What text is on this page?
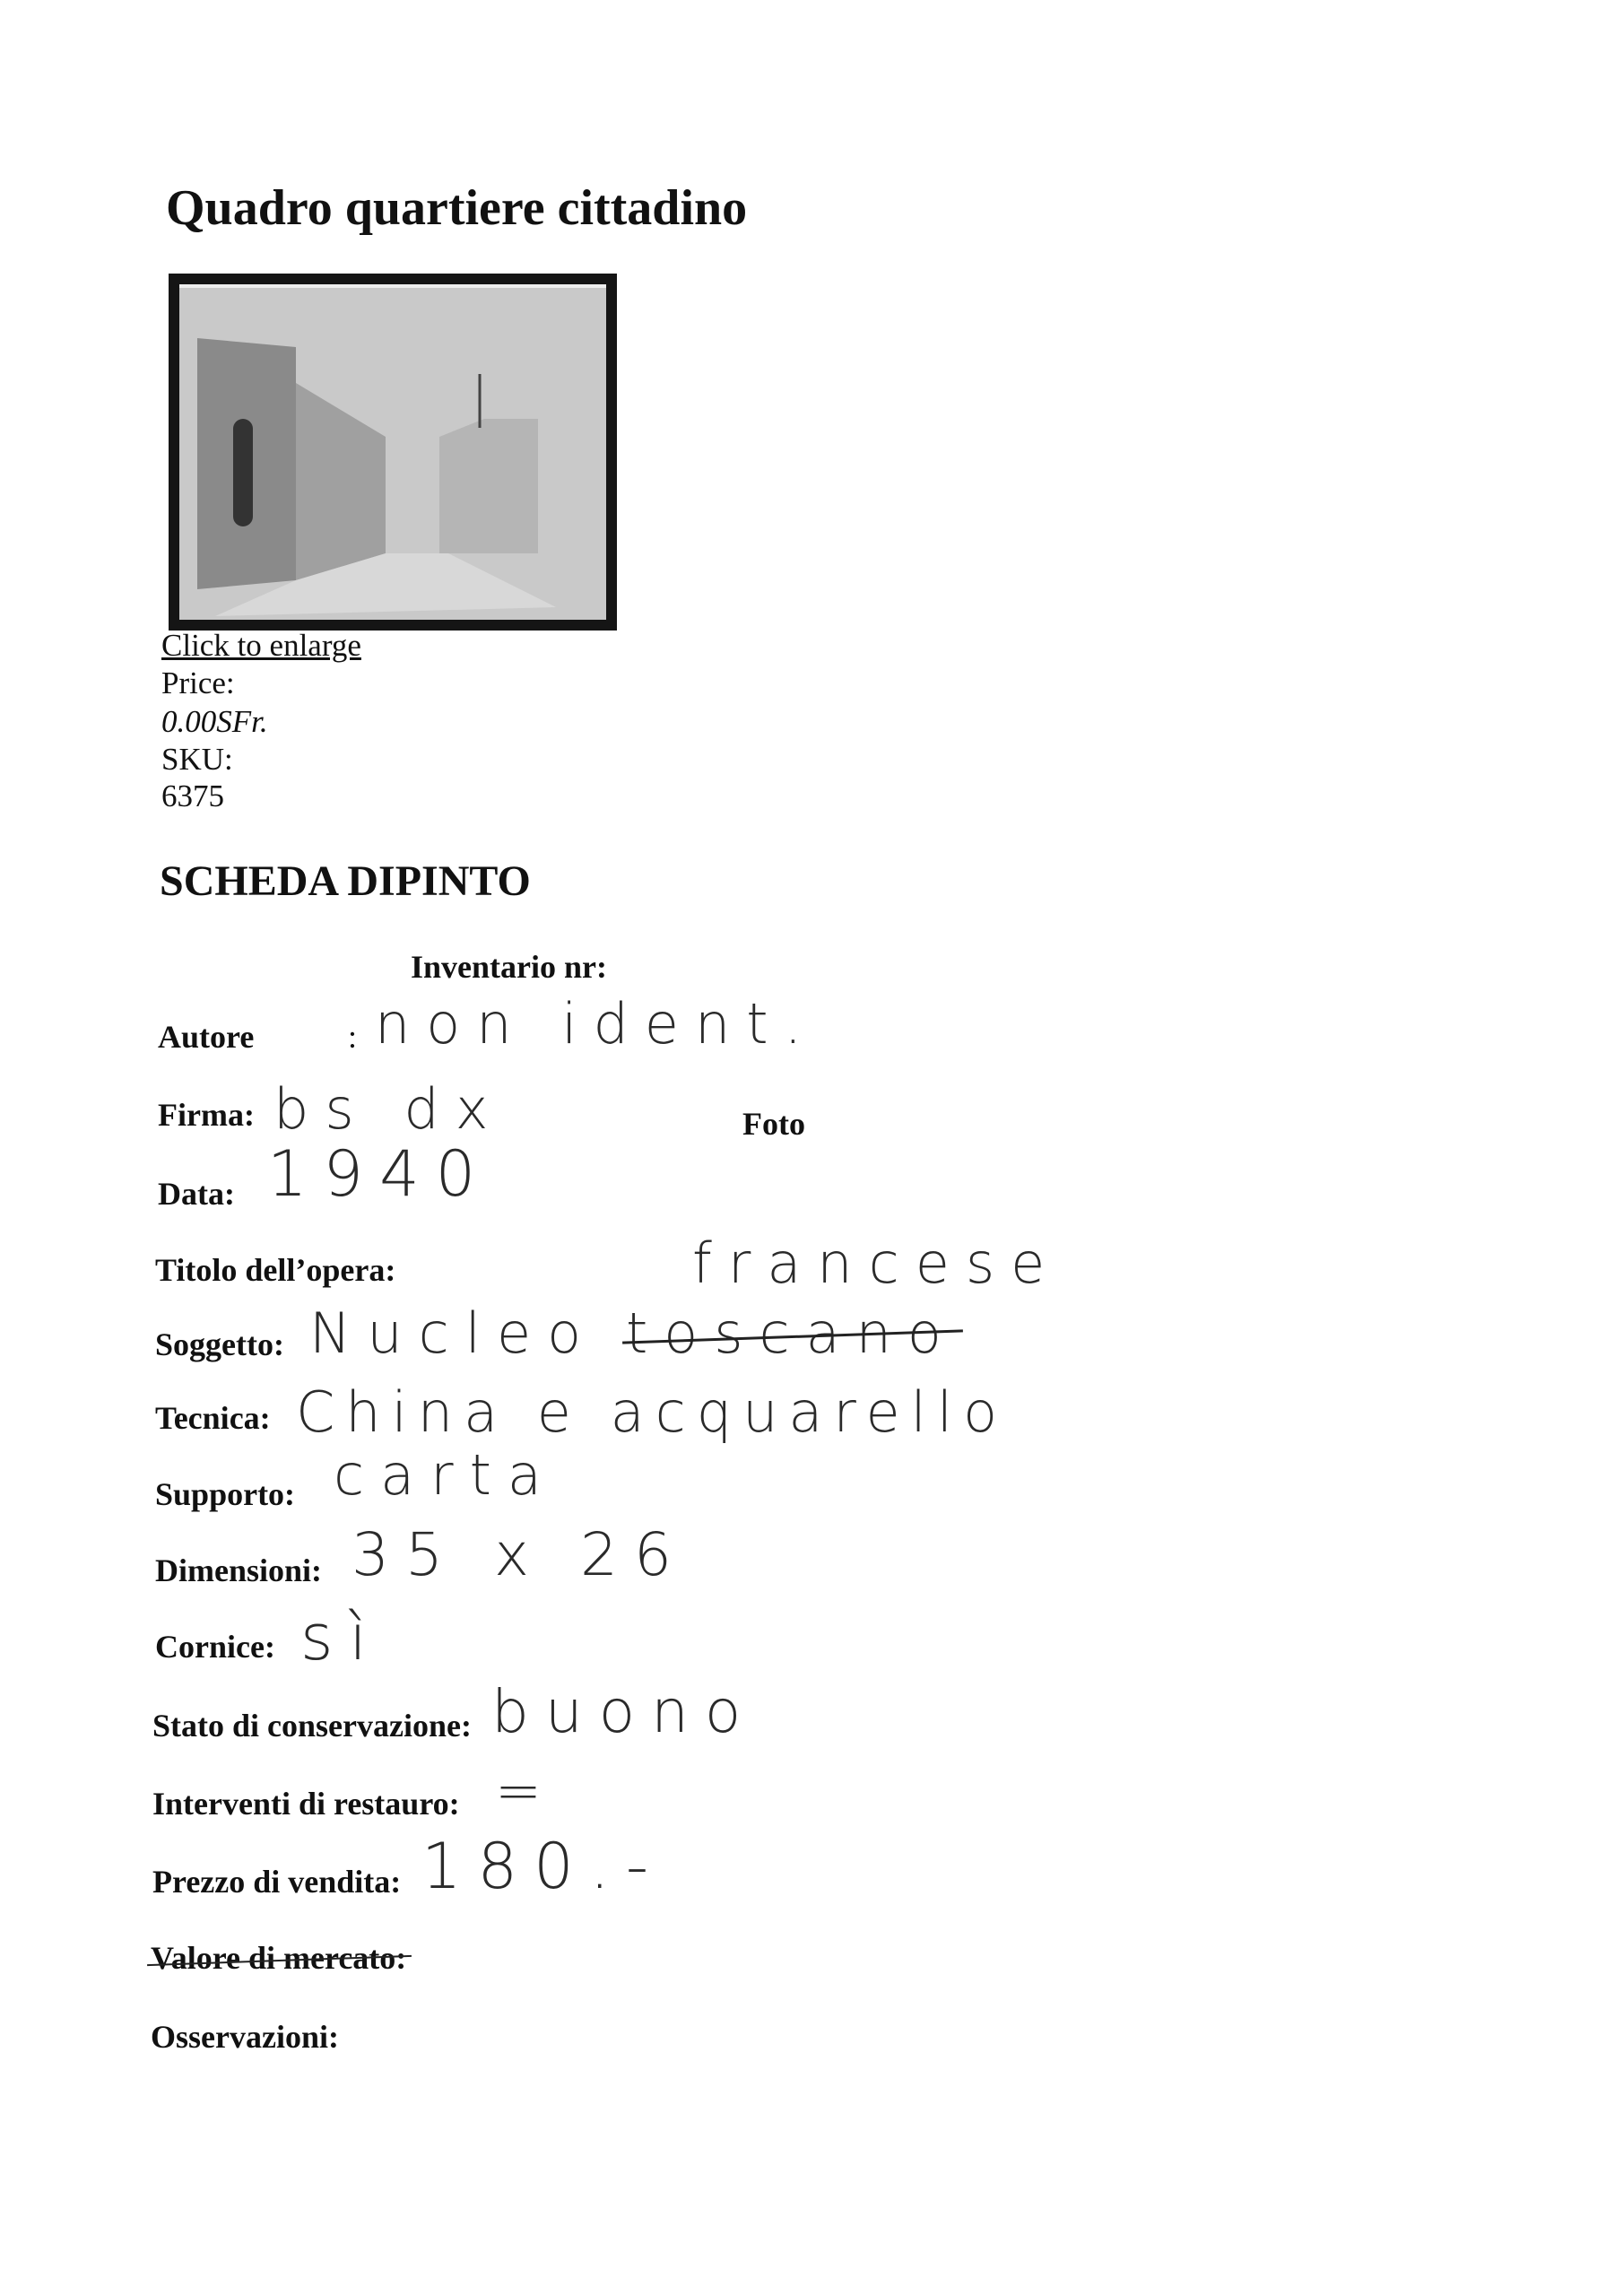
Quadro quartiere cittadino
Click to enlarge
Price:
0.00SFr.
SKU:
6375
SCHEDA DIPINTO
Inventario nr:
Autore	: non ident.
Firma: bs dx	Foto
Data: 1940
Titolo dell’opera:	francese
Soggetto: Nucleo toscano
Tecnica: China e acquarello
Supporto: carta
Dimensioni: 35 x 26
Cornice: sì
Stato di conservazione: buono
Interventi di restauro: =
Prezzo di vendita: 180.-
Valore di mercato:
Osservazioni:
